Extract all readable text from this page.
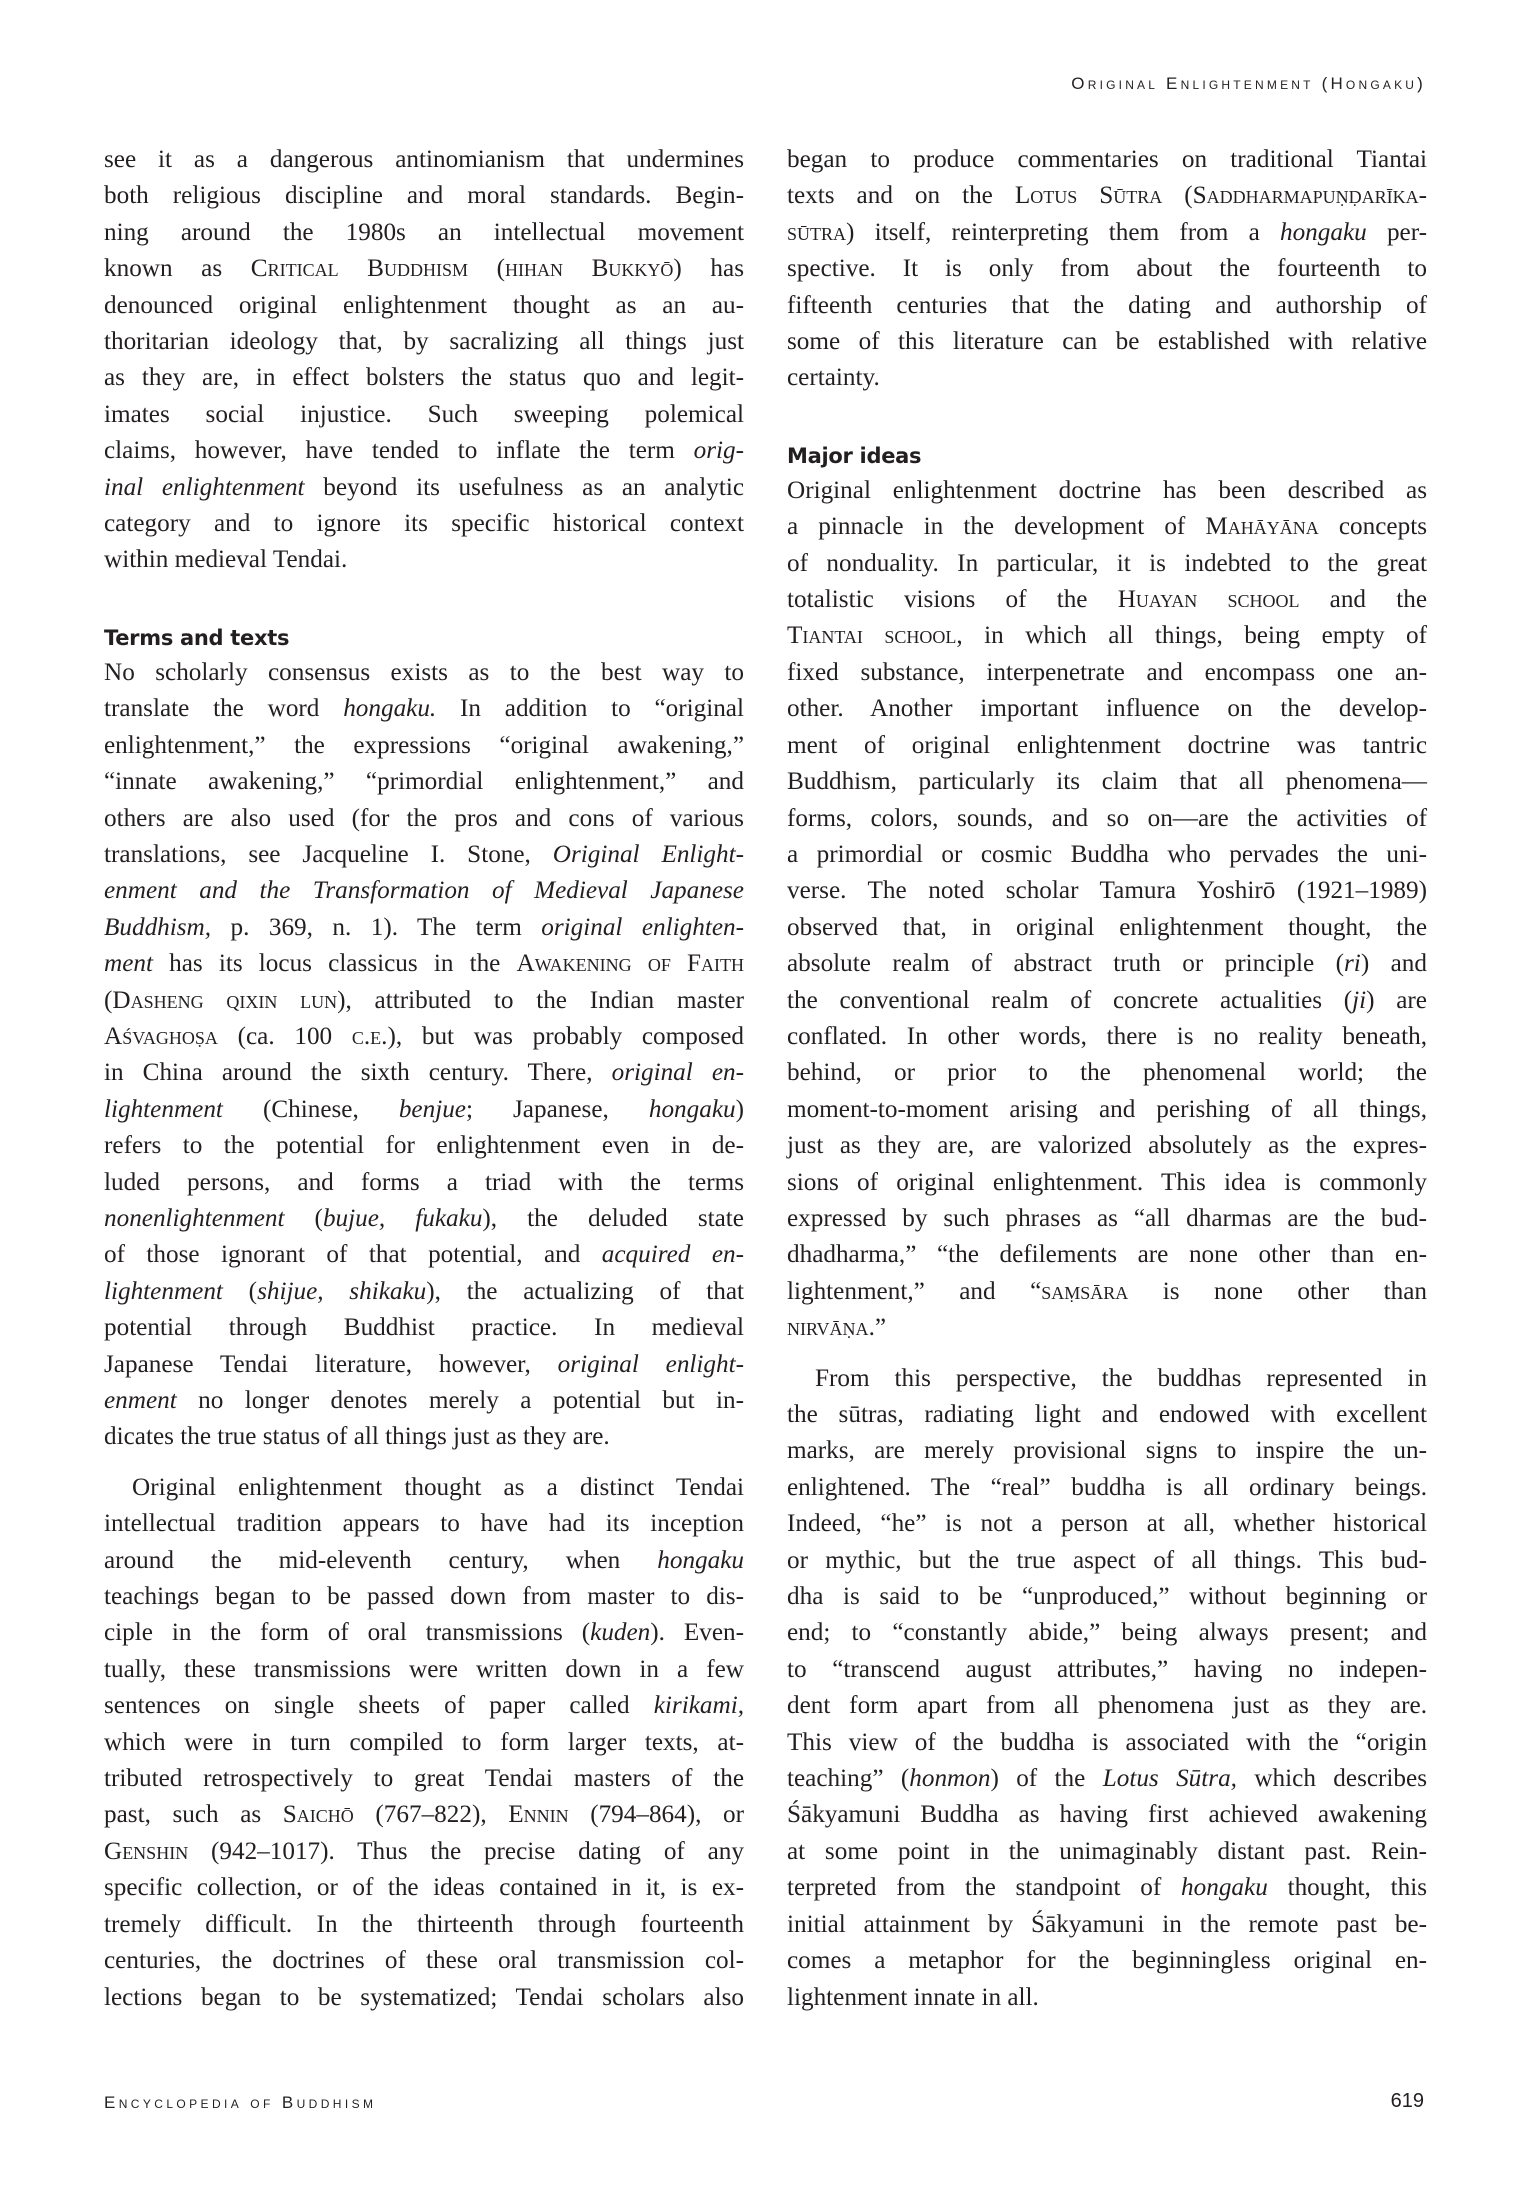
Original Enlightenment (Hongaku)

see it as a dangerous antinomianism that undermines
both religious discipline and moral standards. Begin-
ning around the 1980s an intellectual movement
known as Critical Buddhism (hihan Bukkyō) has
denounced original enlightenment thought as an au-
thoritarian ideology that, by sacralizing all things just
as they are, in effect bolsters the status quo and legit-
imates social injustice. Such sweeping polemical
claims, however, have tended to inflate the term orig-
inal enlightenment beyond its usefulness as an analytic
category and to ignore its specific historical context
within medieval Tendai.

Terms and texts

No scholarly consensus exists as to the best way to
translate the word hongaku. In addition to “original
enlightenment,” the expressions “original awakening,”
“innate awakening,” “primordial enlightenment,” and
others are also used (for the pros and cons of various
translations, see Jacqueline I. Stone, Original Enlight-
enment and the Transformation of Medieval Japanese
Buddhism, p. 369, n. 1). The term original enlighten-
ment has its locus classicus in the Awakening of Faith
(Dasheng qixin lun), attributed to the Indian master
Aśvaghoṣa (ca. 100 c.e.), but was probably composed
in China around the sixth century. There, original en-
lightenment (Chinese, benjue; Japanese, hongaku)
refers to the potential for enlightenment even in de-
luded persons, and forms a triad with the terms
nonenlightenment (bujue, fukaku), the deluded state
of those ignorant of that potential, and acquired en-
lightenment (shijue, shikaku), the actualizing of that
potential through Buddhist practice. In medieval
Japanese Tendai literature, however, original enlight-
enment no longer denotes merely a potential but in-
dicates the true status of all things just as they are.

Original enlightenment thought as a distinct Tendai
intellectual tradition appears to have had its inception
around the mid-eleventh century, when hongaku
teachings began to be passed down from master to dis-
ciple in the form of oral transmissions (kuden). Even-
tually, these transmissions were written down in a few
sentences on single sheets of paper called kirikami,
which were in turn compiled to form larger texts, at-
tributed retrospectively to great Tendai masters of the
past, such as Saichō (767–822), Ennin (794–864), or
Genshin (942–1017). Thus the precise dating of any
specific collection, or of the ideas contained in it, is ex-
tremely difficult. In the thirteenth through fourteenth
centuries, the doctrines of these oral transmission col-
lections began to be systematized; Tendai scholars also

began to produce commentaries on traditional Tiantai
texts and on the Lotus Sūtra (Saddharmapuṇḍarīka-
sūtra) itself, reinterpreting them from a hongaku per-
spective. It is only from about the fourteenth to
fifteenth centuries that the dating and authorship of
some of this literature can be established with relative
certainty.

Major ideas

Original enlightenment doctrine has been described as
a pinnacle in the development of Mahāyāna concepts
of nonduality. In particular, it is indebted to the great
totalistic visions of the Huayan school and the
Tiantai school, in which all things, being empty of
fixed substance, interpenetrate and encompass one an-
other. Another important influence on the develop-
ment of original enlightenment doctrine was tantric
Buddhism, particularly its claim that all phenomena—
forms, colors, sounds, and so on—are the activities of
a primordial or cosmic Buddha who pervades the uni-
verse. The noted scholar Tamura Yoshirō (1921–1989)
observed that, in original enlightenment thought, the
absolute realm of abstract truth or principle (ri) and
the conventional realm of concrete actualities (ji) are
conflated. In other words, there is no reality beneath,
behind, or prior to the phenomenal world; the
moment-to-moment arising and perishing of all things,
just as they are, are valorized absolutely as the expres-
sions of original enlightenment. This idea is commonly
expressed by such phrases as “all dharmas are the bud-
dhadharma,” “the defilements are none other than en-
lightenment,” and “saṃsāra is none other than
nirvāṇa.”

From this perspective, the buddhas represented in
the sūtras, radiating light and endowed with excellent
marks, are merely provisional signs to inspire the un-
enlightened. The “real” buddha is all ordinary beings.
Indeed, “he” is not a person at all, whether historical
or mythic, but the true aspect of all things. This bud-
dha is said to be “unproduced,” without beginning or
end; to “constantly abide,” being always present; and
to “transcend august attributes,” having no indepen-
dent form apart from all phenomena just as they are.
This view of the buddha is associated with the “origin
teaching” (honmon) of the Lotus Sūtra, which describes
Śākyamuni Buddha as having first achieved awakening
at some point in the unimaginably distant past. Rein-
terpreted from the standpoint of hongaku thought, this
initial attainment by Śākyamuni in the remote past be-
comes a metaphor for the beginningless original en-
lightenment innate in all.

Encyclopedia of Buddhism	619
